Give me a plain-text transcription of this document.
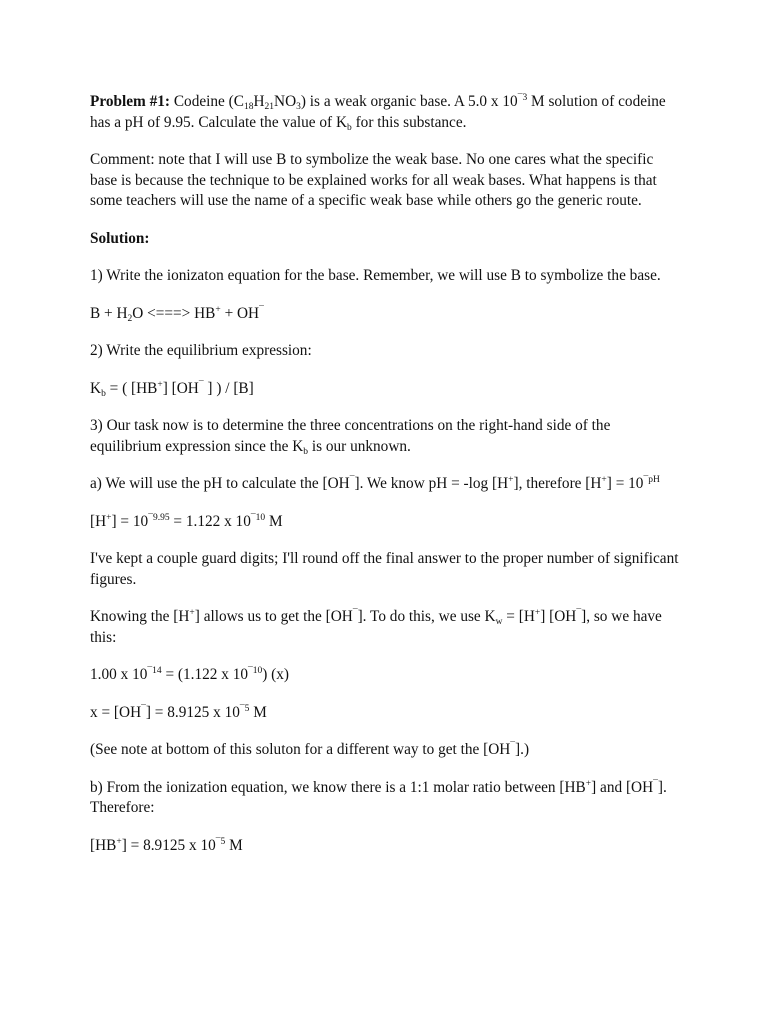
Problem #1: Codeine $(C_{18}H_{21}NO_3)$ is a weak organic base. A 5.0 x $10^{¯3}$ M solution of codeine has a pH of 9.95. Calculate the value of $K_b$ for this substance.

Comment: note that I will use B to symbolize the weak base. No one cares what the specific base is because the technique to be explained works for all weak bases. What happens is that some teachers will use the name of a specific weak base while others go the generic route.

Solution:

1) Write the ionizaton equation for the base. Remember, we will use B to symbolize the base.

$B + H_2O$ <===> HB+ + OH¯

2) Write the equilibrium expression:

$K_b$ = ( [HB+] [OH¯ ] ) / [B]

3) Our task now is to determine the three concentrations on the right-hand side of the equilibrium expression since the $K_b$ is our unknown.

a) We will use the pH to calculate the [OH¯]. We know pH = -log [H+], therefore $[H^+] = 10^{¯pH}$

$[H^+] = 10^{¯9.95} = 1.122$ x $10^{¯10}$ M

I've kept a couple guard digits; I'll round off the final answer to the proper number of significant figures.

Knowing the [H+] allows us to get the [OH¯]. To do this, we use $K_w = [H^+]$ [OH¯], so we have this:

1.00 x $10^{¯14} = (1.122$ x $10^{¯10}$) (x)

x = [OH¯] = 8.9125 x $10^{¯5}$ M

(See note at bottom of this soluton for a different way to get the [OH¯].)

b) From the ionization equation, we know there is a 1:1 molar ratio between [HB+] and [OH¯]. Therefore:

[HB+] = 8.9125 x $10^{¯5}$ M
